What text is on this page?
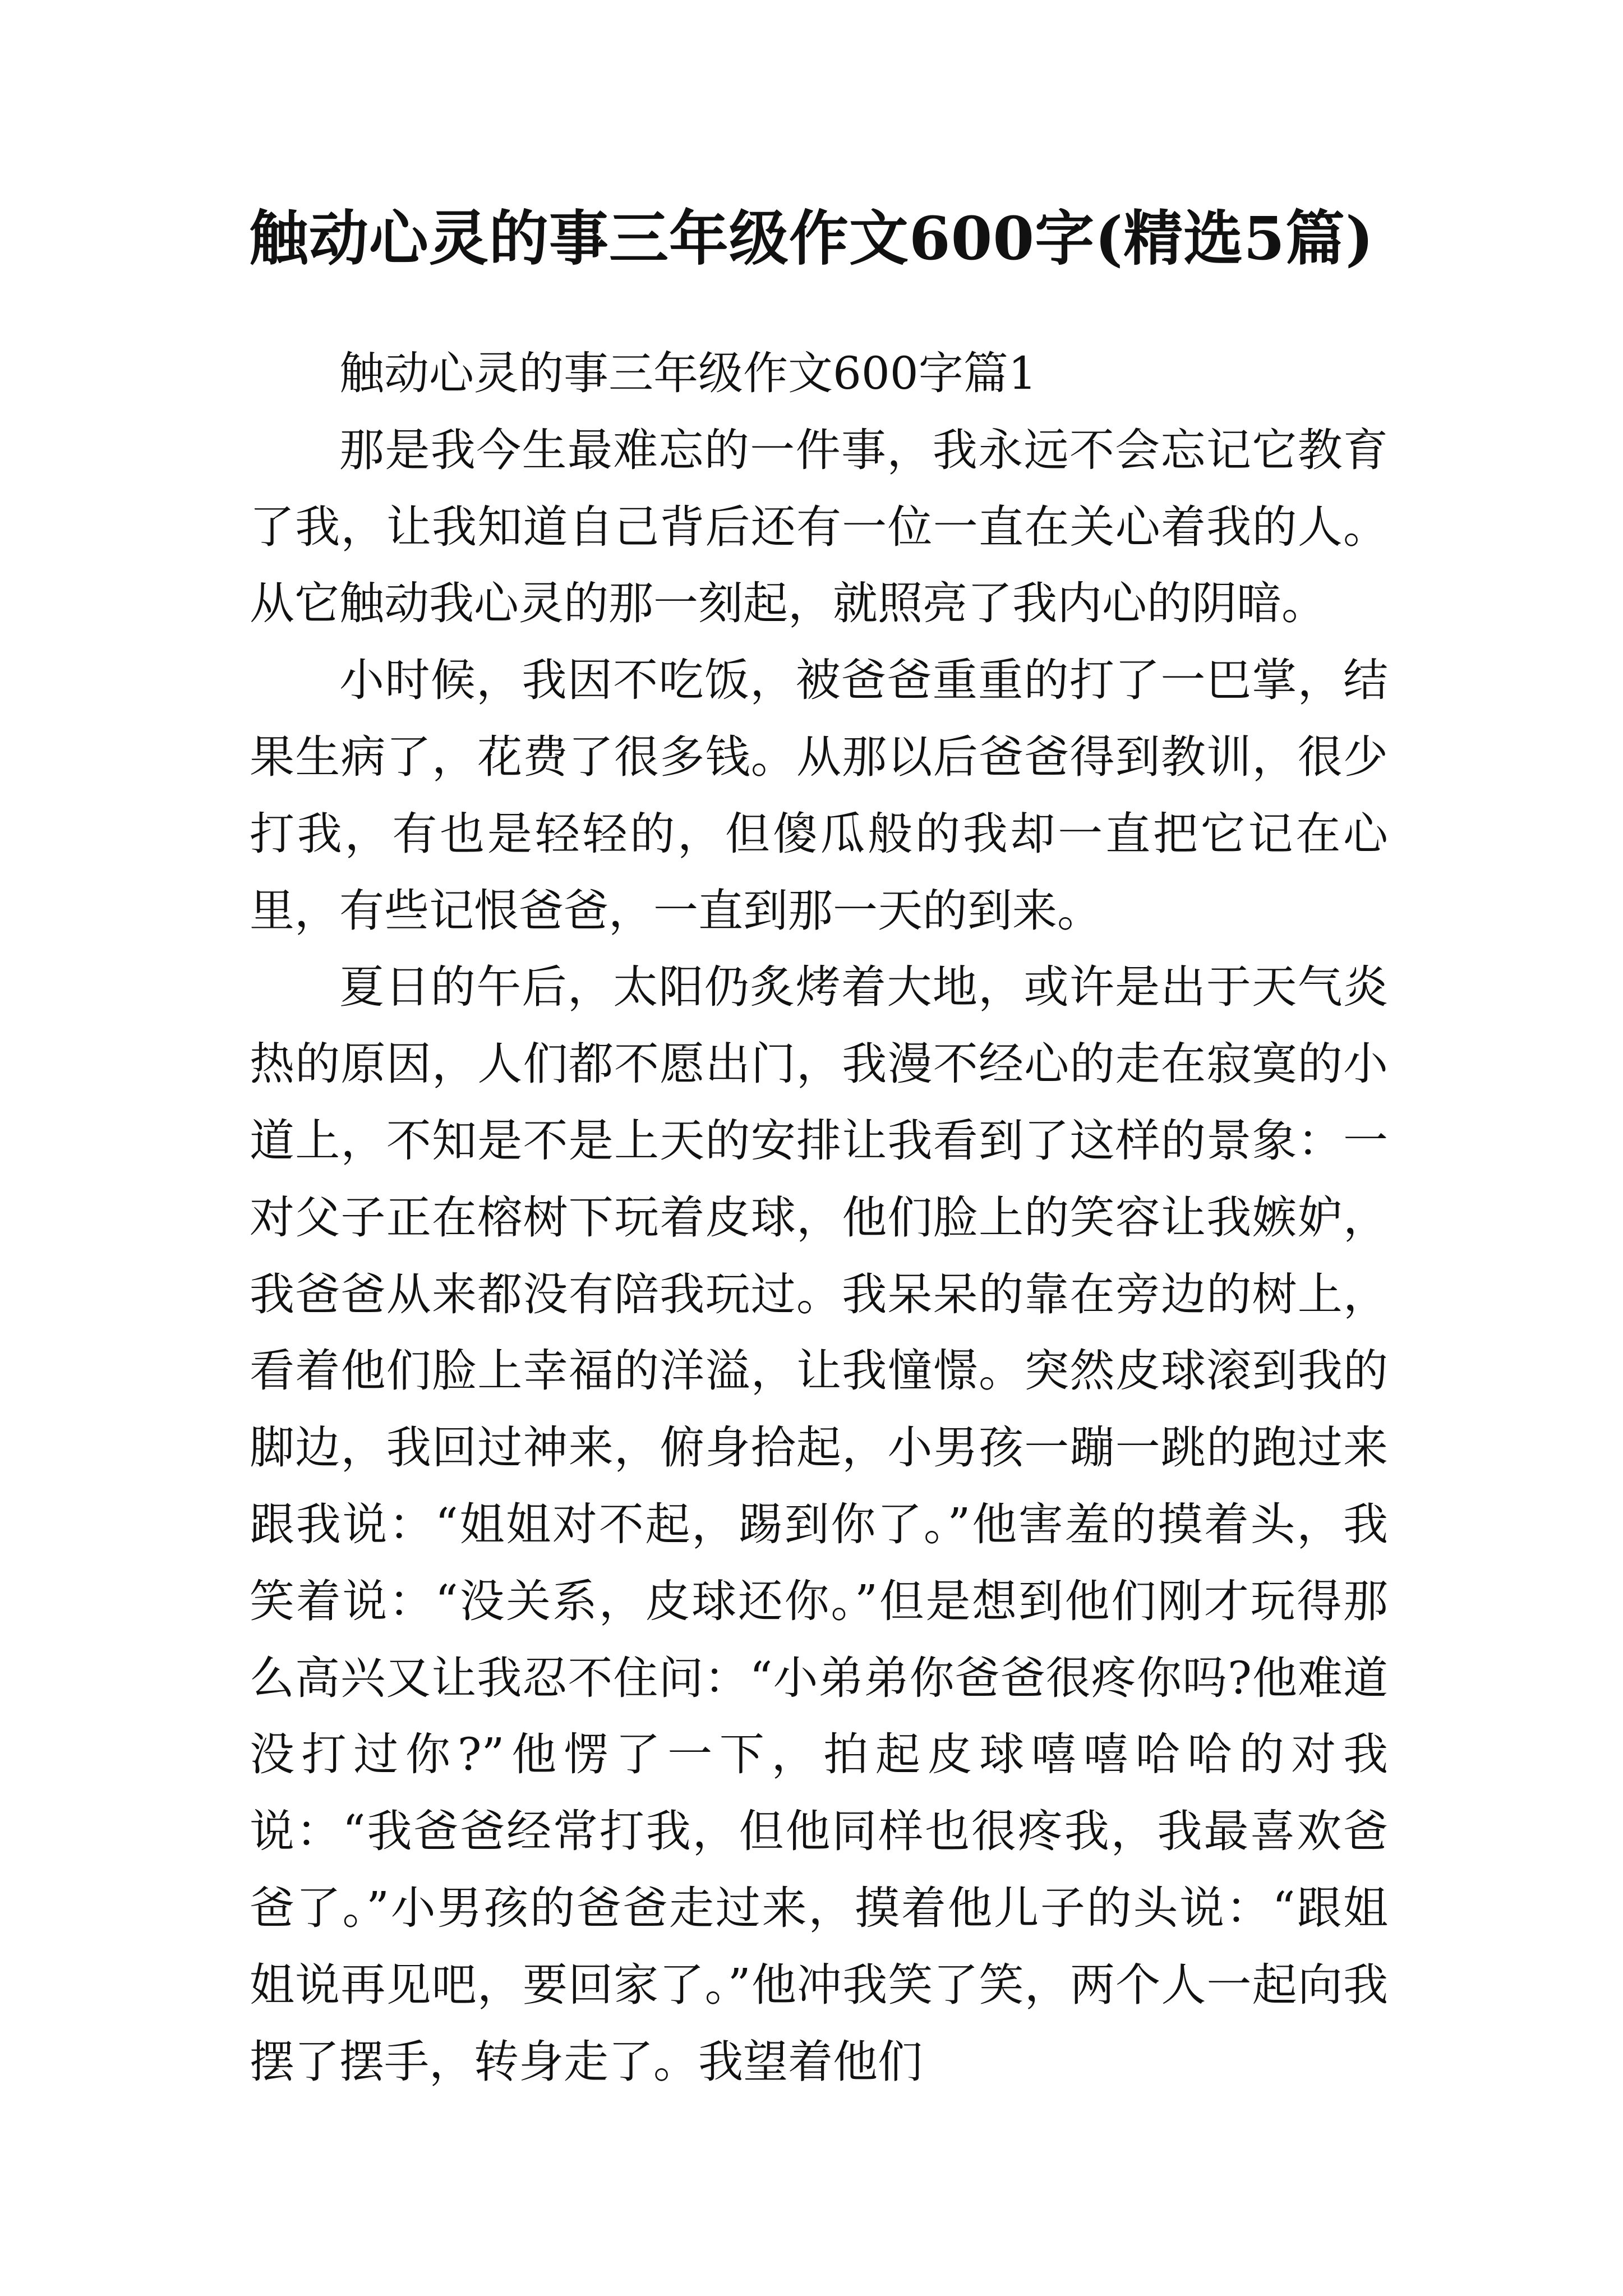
触动心灵的事三年级作文600字(精选5篇)

触动心灵的事三年级作文600字篇1

那是我今生最难忘的一件事，我永远不会忘记它教育了我，让我知道自己背后还有一位一直在关心着我的人。从它触动我心灵的那一刻起，就照亮了我内心的阴暗。

小时候，我因不吃饭，被爸爸重重的打了一巴掌，结果生病了，花费了很多钱。从那以后爸爸得到教训，很少打我，有也是轻轻的，但傻瓜般的我却一直把它记在心里，有些记恨爸爸，一直到那一天的到来。

夏日的午后，太阳仍炙烤着大地，或许是出于天气炎热的原因，人们都不愿出门，我漫不经心的走在寂寞的小道上，不知是不是上天的安排让我看到了这样的景象：一对父子正在榕树下玩着皮球，他们脸上的笑容让我嫉妒，我爸爸从来都没有陪我玩过。我呆呆的靠在旁边的树上，看着他们脸上幸福的洋溢，让我憧憬。突然皮球滚到我的脚边，我回过神来，俯身拾起，小男孩一蹦一跳的跑过来跟我说：“姐姐对不起，踢到你了。”他害羞的摸着头，我笑着说：“没关系，皮球还你。”但是想到他们刚才玩得那么高兴又让我忍不住问：“小弟弟你爸爸很疼你吗?他难道没打过你?”他愣了一下，拍起皮球嘻嘻哈哈的对我说：“我爸爸经常打我，但他同样也很疼我，我最喜欢爸爸了。”小男孩的爸爸走过来，摸着他儿子的头说：“跟姐姐说再见吧，要回家了。”他冲我笑了笑，两个人一起向我摆了摆手，转身走了。我望着他们
